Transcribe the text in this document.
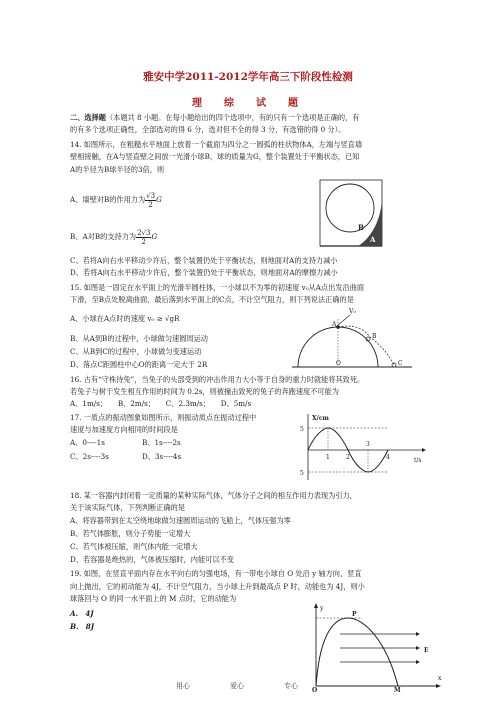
雅安中学2011-2012学年高三下阶段性检测
理　综　试　题
二、选择题（本题共 8 小题。在每小题给出的四个选项中，有的只有一个选项是正确的，有
的有多个选项正确性，全部选对的得 6 分，选对但不全的得 3 分，有选错的得 0 分）。
14. 如图所示，在粗糙水平地面上放着一个截面为四分之一圆弧的柱状物体A，左端与竖直墙
壁相接触，在A与竖直壁之间放一光滑小球B，球的质量为G，整个装置处于平衡状态，已知
A的半径为B球半径的3倍，则
A、墙壁对B的作用力为 $\frac{√3}{2}$ G
B、A对B的支持力为 $\frac{2√3}{2}$ G
C、若将A向右水平移动少许后，整个装置仍处于平衡状态，则地面对A的支持力减小
D、若将A向右水平移动少许后，整个装置仍处于平衡状态，则地面对A的摩擦力减小
B
A
15. 如图是一固定在水平面上的光滑半圆柱体，一小球以不为零的初速度 v₀从A点出发沿曲面
下滑，至B点处脱离曲面，最后落到水平面上的C点，不计空气阻力，则下列说法正确的是
A、小球在A点时的速度 v₀ ≥ √gR
B、从A到B的过程中，小球做匀速圆周运动
C、从B到C的过程中，小球做匀变速运动
D、落点C距圆柱中心O的距离一定大于 2R
V₀
A
B
O	C
16. 古有“守株待兔”，当兔子的头部受到的冲击作用力大小等于自身的重力时就能将其致死。
若兔子与树干发生相互作用的时间为 0.2s，则被撞击致死的兔子的奔跑速度不可能为
A、1m/s；　　B、2m/s；　　C、2.3m/s；　　D、5m/s
17. 一质点的振动图象如图所示，则振动质点在振动过程中
速度与加速度方向相同的时间段是
A、0----1s	B、1s----2s
C、2s----3s	D、3s----4s
X/cm
t/s
5
5
1	2
3
4
18. 某一容器内封闭着一定质量的某种实际气体，气体分子之间的相互作用力表现为引力，
关于该实际气体，下列判断正确的是
A、将容器带到在太空绕地球做匀速圆周运动的飞船上，气体压强为零
B、若气体膨胀，则分子势能一定增大
C、若气体被压缩，则气体内能一定增大
D、若容器是绝热的，气体被压缩时，内能可以不变
19. 如图，在竖直平面内存在水平向右的匀强电场，有一带电小球自 O 处沿 y 轴方向，竖直
向上抛出，它的初动能为 4J，不计空气阻力，当小球上升到最高点 P 时，动能也为 4J，则小
球落回与 O 的同一水平面上的 M 点时，它的动能为
A.　4J
B.　8J
y
P
E
x
O	M
用心	爱心	专心
